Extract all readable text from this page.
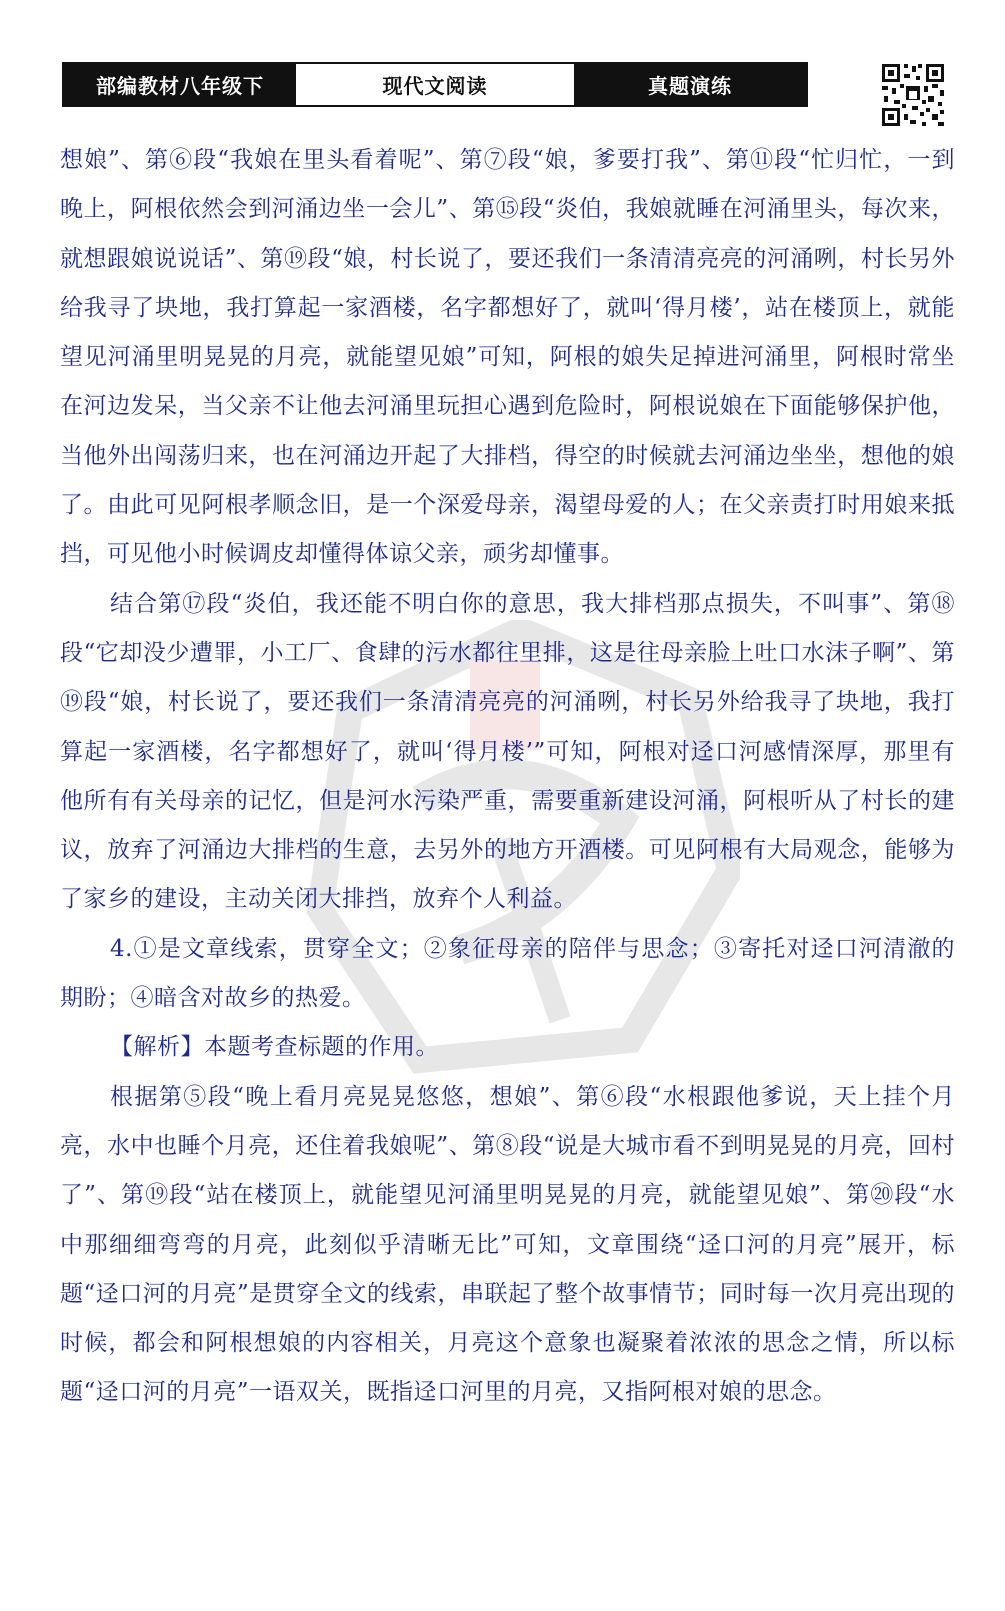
部编教材八年级下	现代文阅读	真题演练

想娘”、第⑥段“我娘在里头看着呢”、第⑦段“娘，爹要打我”、第⑪段“忙归忙，一到晚上，阿根依然会到河涌边坐一会儿”、第⑮段“炎伯，我娘就睡在河涌里头，每次来，就想跟娘说说话”、第⑲段“娘，村长说了，要还我们一条清清亮亮的河涌咧，村长另外给我寻了块地，我打算起一家酒楼，名字都想好了，就叫‘得月楼’，站在楼顶上，就能望见河涌里明晃晃的月亮，就能望见娘”可知，阿根的娘失足掉进河涌里，阿根时常坐在河边发呆，当父亲不让他去河涌里玩担心遇到危险时，阿根说娘在下面能够保护他，当他外出闯荡归来，也在河涌边开起了大排档，得空的时候就去河涌边坐坐，想他的娘了。由此可见阿根孝顺念旧，是一个深爱母亲，渴望母爱的人；在父亲责打时用娘来抵挡，可见他小时候调皮却懂得体谅父亲，顽劣却懂事。

结合第⑰段“炎伯，我还能不明白你的意思，我大排档那点损失，不叫事”、第⑱段“它却没少遭罪，小工厂、食肆的污水都往里排，这是往母亲脸上吐口水沫子啊”、第⑲段“娘，村长说了，要还我们一条清清亮亮的河涌咧，村长另外给我寻了块地，我打算起一家酒楼，名字都想好了，就叫‘得月楼’”可知，阿根对迳口河感情深厚，那里有他所有有关母亲的记忆，但是河水污染严重，需要重新建设河涌，阿根听从了村长的建议，放弃了河涌边大排档的生意，去另外的地方开酒楼。可见阿根有大局观念，能够为了家乡的建设，主动关闭大排挡，放弃个人利益。

4.①是文章线索，贯穿全文；②象征母亲的陪伴与思念；③寄托对迳口河清澈的期盼；④暗含对故乡的热爱。

【解析】本题考查标题的作用。

根据第⑤段“晚上看月亮晃晃悠悠，想娘”、第⑥段“水根跟他爹说，天上挂个月亮，水中也睡个月亮，还住着我娘呢”、第⑧段“说是大城市看不到明晃晃的月亮，回村了”、第⑲段“站在楼顶上，就能望见河涌里明晃晃的月亮，就能望见娘”、第⑳段“水中那细细弯弯的月亮，此刻似乎清晰无比”可知，文章围绕“迳口河的月亮”展开，标题“迳口河的月亮”是贯穿全文的线索，串联起了整个故事情节；同时每一次月亮出现的时候，都会和阿根想娘的内容相关，月亮这个意象也凝聚着浓浓的思念之情，所以标题“迳口河的月亮”一语双关，既指迳口河里的月亮，又指阿根对娘的思念。
